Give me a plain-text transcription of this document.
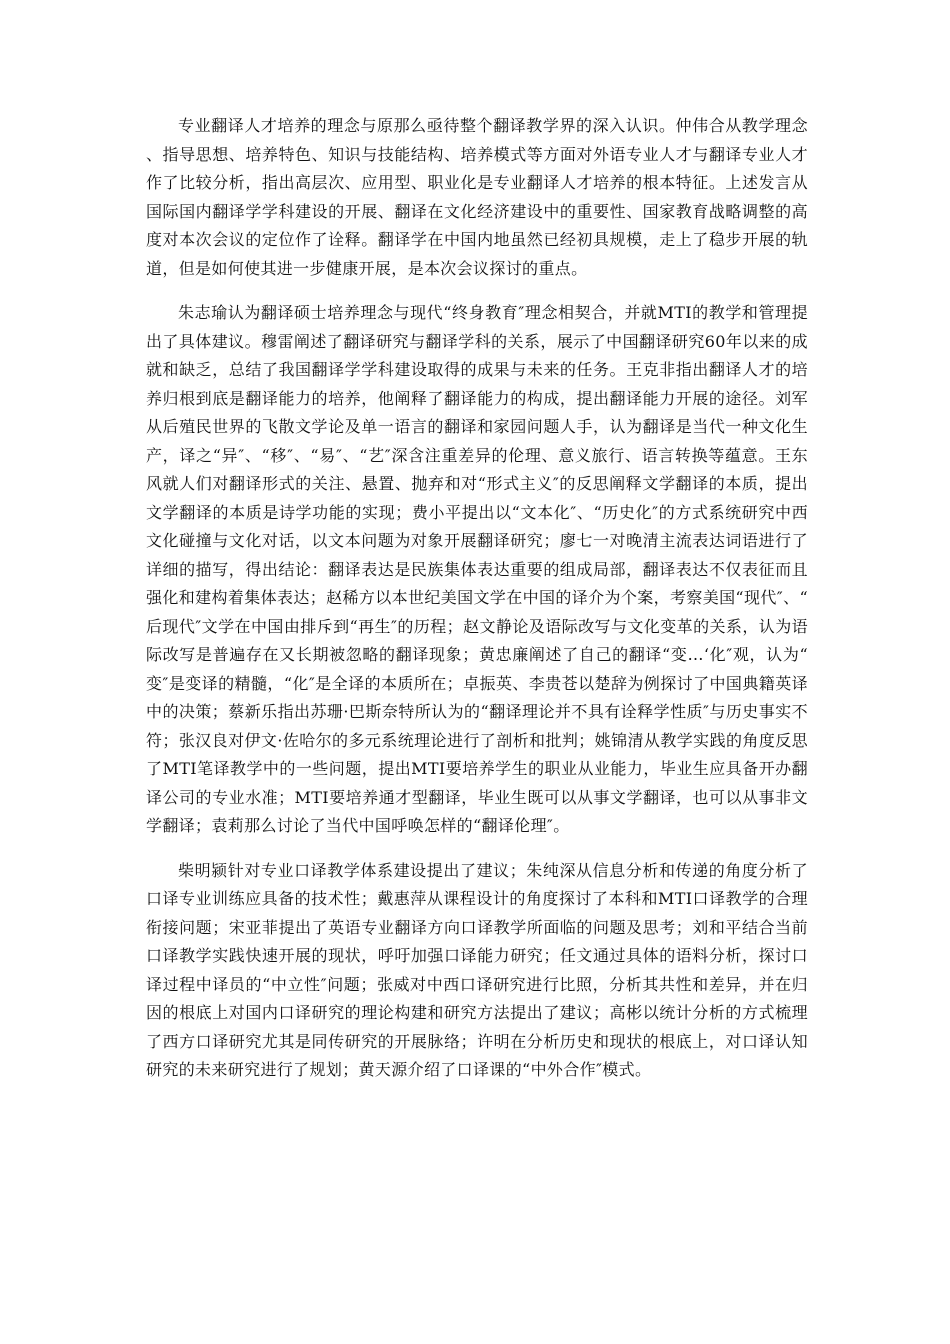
专业翻译人才培养的理念与原那么亟待整个翻译教学界的深入认识。仲伟合从教学理念、指导思想、培养特色、知识与技能结构、培养模式等方面对外语专业人才与翻译专业人才作了比较分析，指出高层次、应用型、职业化是专业翻译人才培养的根本特征。上述发言从国际国内翻译学学科建设的开展、翻译在文化经济建设中的重要性、国家教育战略调整的高度对本次会议的定位作了诠释。翻译学在中国内地虽然已经初具规模，走上了稳步开展的轨道，但是如何使其进一步健康开展，是本次会议探讨的重点。

朱志瑜认为翻译硕士培养理念与现代“终身教育″理念相契合，并就MTI的教学和管理提出了具体建议。穆雷阐述了翻译研究与翻译学科的关系，展示了中国翻译研究60年以来的成就和缺乏，总结了我国翻译学学科建设取得的成果与未来的任务。王克非指出翻译人才的培养归根到底是翻译能力的培养，他阐释了翻译能力的构成，提出翻译能力开展的途径。刘军从后殖民世界的飞散文学论及单一语言的翻译和家园问题人手，认为翻译是当代一种文化生产，译之“异″、“移″、“易″、“艺″深含注重差异的伦理、意义旅行、语言转换等蕴意。王东风就人们对翻译形式的关注、悬置、抛弃和对“形式主义″的反思阐释文学翻译的本质，提出文学翻译的本质是诗学功能的实现；费小平提出以“文本化″、“历史化″的方式系统研究中西文化碰撞与文化对话，以文本问题为对象开展翻译研究；廖七一对晚清主流表达词语进行了详细的描写，得出结论：翻译表达是民族集体表达重要的组成局部，翻译表达不仅表征而且强化和建构着集体表达；赵稀方以本世纪美国文学在中国的译介为个案，考察美国“现代″、“后现代″文学在中国由排斥到“再生″的历程；赵文静论及语际改写与文化变革的关系，认为语际改写是普遍存在又长期被忽略的翻译现象；黄忠廉阐述了自己的翻译“变…‘化″观，认为“变″是变译的精髓，“化″是全译的本质所在；卓振英、李贵苍以楚辞为例探讨了中国典籍英译中的决策；蔡新乐指出苏珊·巴斯奈特所认为的“翻译理论并不具有诠释学性质″与历史事实不符；张汉良对伊文·佐哈尔的多元系统理论进行了剖析和批判；姚锦清从教学实践的角度反思了MTI笔译教学中的一些问题，提出MTI要培养学生的职业从业能力，毕业生应具备开办翻译公司的专业水准；MTI要培养通才型翻译，毕业生既可以从事文学翻译，也可以从事非文学翻译；袁莉那么讨论了当代中国呼唤怎样的“翻译伦理″。

柴明颍针对专业口译教学体系建设提出了建议；朱纯深从信息分析和传递的角度分析了口译专业训练应具备的技术性；戴惠萍从课程设计的角度探讨了本科和MTI口译教学的合理衔接问题；宋亚菲提出了英语专业翻译方向口译教学所面临的问题及思考；刘和平结合当前口译教学实践快速开展的现状，呼吁加强口译能力研究；任文通过具体的语料分析，探讨口译过程中译员的“中立性″问题；张威对中西口译研究进行比照，分析其共性和差异，并在归因的根底上对国内口译研究的理论构建和研究方法提出了建议；高彬以统计分析的方式梳理了西方口译研究尤其是同传研究的开展脉络；许明在分析历史和现状的根底上，对口译认知研究的未来研究进行了规划；黄天源介绍了口译课的“中外合作″模式。
